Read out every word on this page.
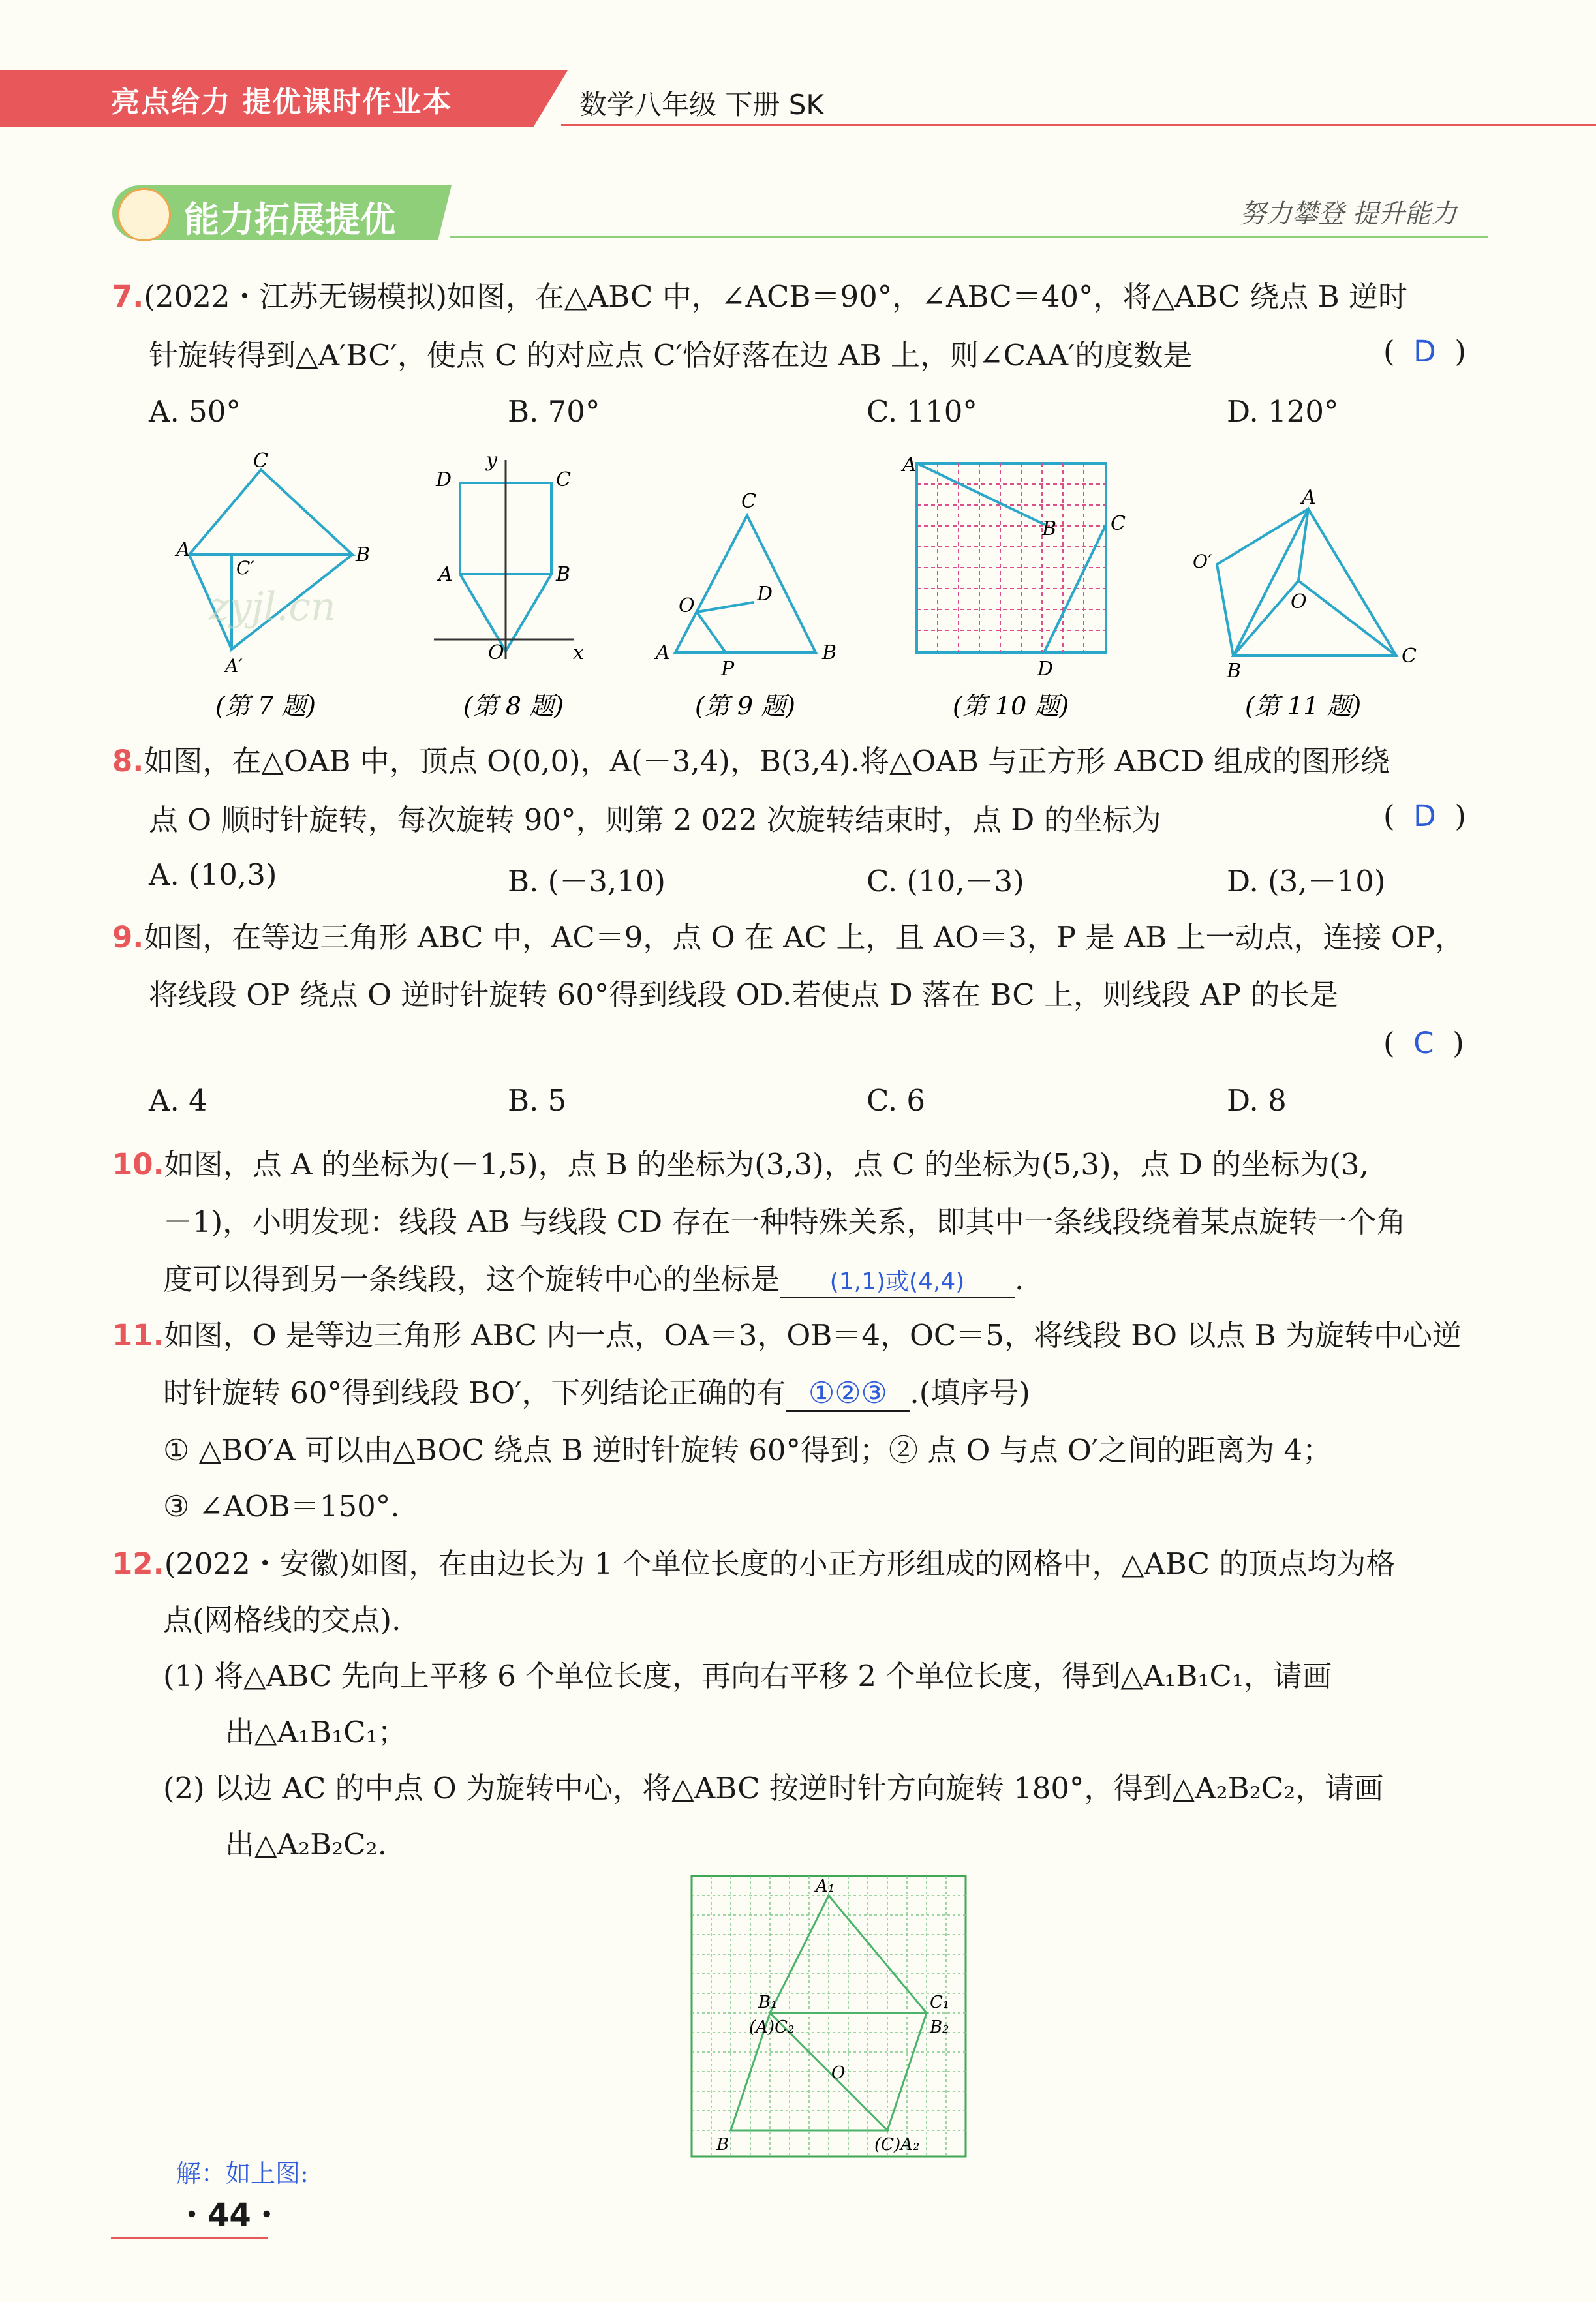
亮点给力 提优课时作业本	数学八年级 下册 SK
能力拓展提优	努力攀登 提升能力
7.(2022・江苏无锡模拟)如图，在△ABC 中，∠ACB＝90°，∠ABC＝40°，将△ABC 绕点 B 逆时
针旋转得到△A′BC′，使点 C 的对应点 C′恰好落在边 AB 上，则∠CAA′的度数是	(  D  )
A. 50°	B. 70°	C. 110°	D. 120°
C
A	B
C′
A′
(第 7 题)
y
D	C
A	B
O	x
(第 8 题)
C
D
O
A
P
B
(第 9 题)
A
B	C
D
(第 10 题)
A
O′
O
B
C
(第 11 题)
zyjl.cn
8.如图，在△OAB 中，顶点 O(0,0)，A(－3,4)，B(3,4).将△OAB 与正方形 ABCD 组成的图形绕
点 O 顺时针旋转，每次旋转 90°，则第 2 022 次旋转结束时，点 D 的坐标为	(  D  )
A. (10,3)	B. (－3,10)	C. (10,－3)	D. (3,－10)
9.如图，在等边三角形 ABC 中，AC＝9，点 O 在 AC 上，且 AO＝3，P 是 AB 上一动点，连接 OP，
将线段 OP 绕点 O 逆时针旋转 60°得到线段 OD.若使点 D 落在 BC 上，则线段 AP 的长是
(  C  )
A. 4	B. 5	C. 6	D. 8
10.如图，点 A 的坐标为(－1,5)，点 B 的坐标为(3,3)，点 C 的坐标为(5,3)，点 D 的坐标为(3,
－1)，小明发现：线段 AB 与线段 CD 存在一种特殊关系，即其中一条线段绕着某点旋转一个角
度可以得到另一条线段，这个旋转中心的坐标是 (1,1)或(4,4) .
11.如图，O 是等边三角形 ABC 内一点，OA＝3，OB＝4，OC＝5，将线段 BO 以点 B 为旋转中心逆
时针旋转 60°得到线段 BO′，下列结论正确的有 ①②③ .(填序号)
① △BO′A 可以由△BOC 绕点 B 逆时针旋转 60°得到；② 点 O 与点 O′之间的距离为 4；
③ ∠AOB＝150°.
12.(2022・安徽)如图，在由边长为 1 个单位长度的小正方形组成的网格中，△ABC 的顶点均为格
点(网格线的交点).
(1) 将△ABC 先向上平移 6 个单位长度，再向右平移 2 个单位长度，得到△A₁B₁C₁，请画
出△A₁B₁C₁；
(2) 以边 AC 的中点 O 为旋转中心，将△ABC 按逆时针方向旋转 180°，得到△A₂B₂C₂，请画
出△A₂B₂C₂.
A₁
B₁	C₁
(A)C₂	B₂
O
B	(C)A₂
解：如上图:
・44・
